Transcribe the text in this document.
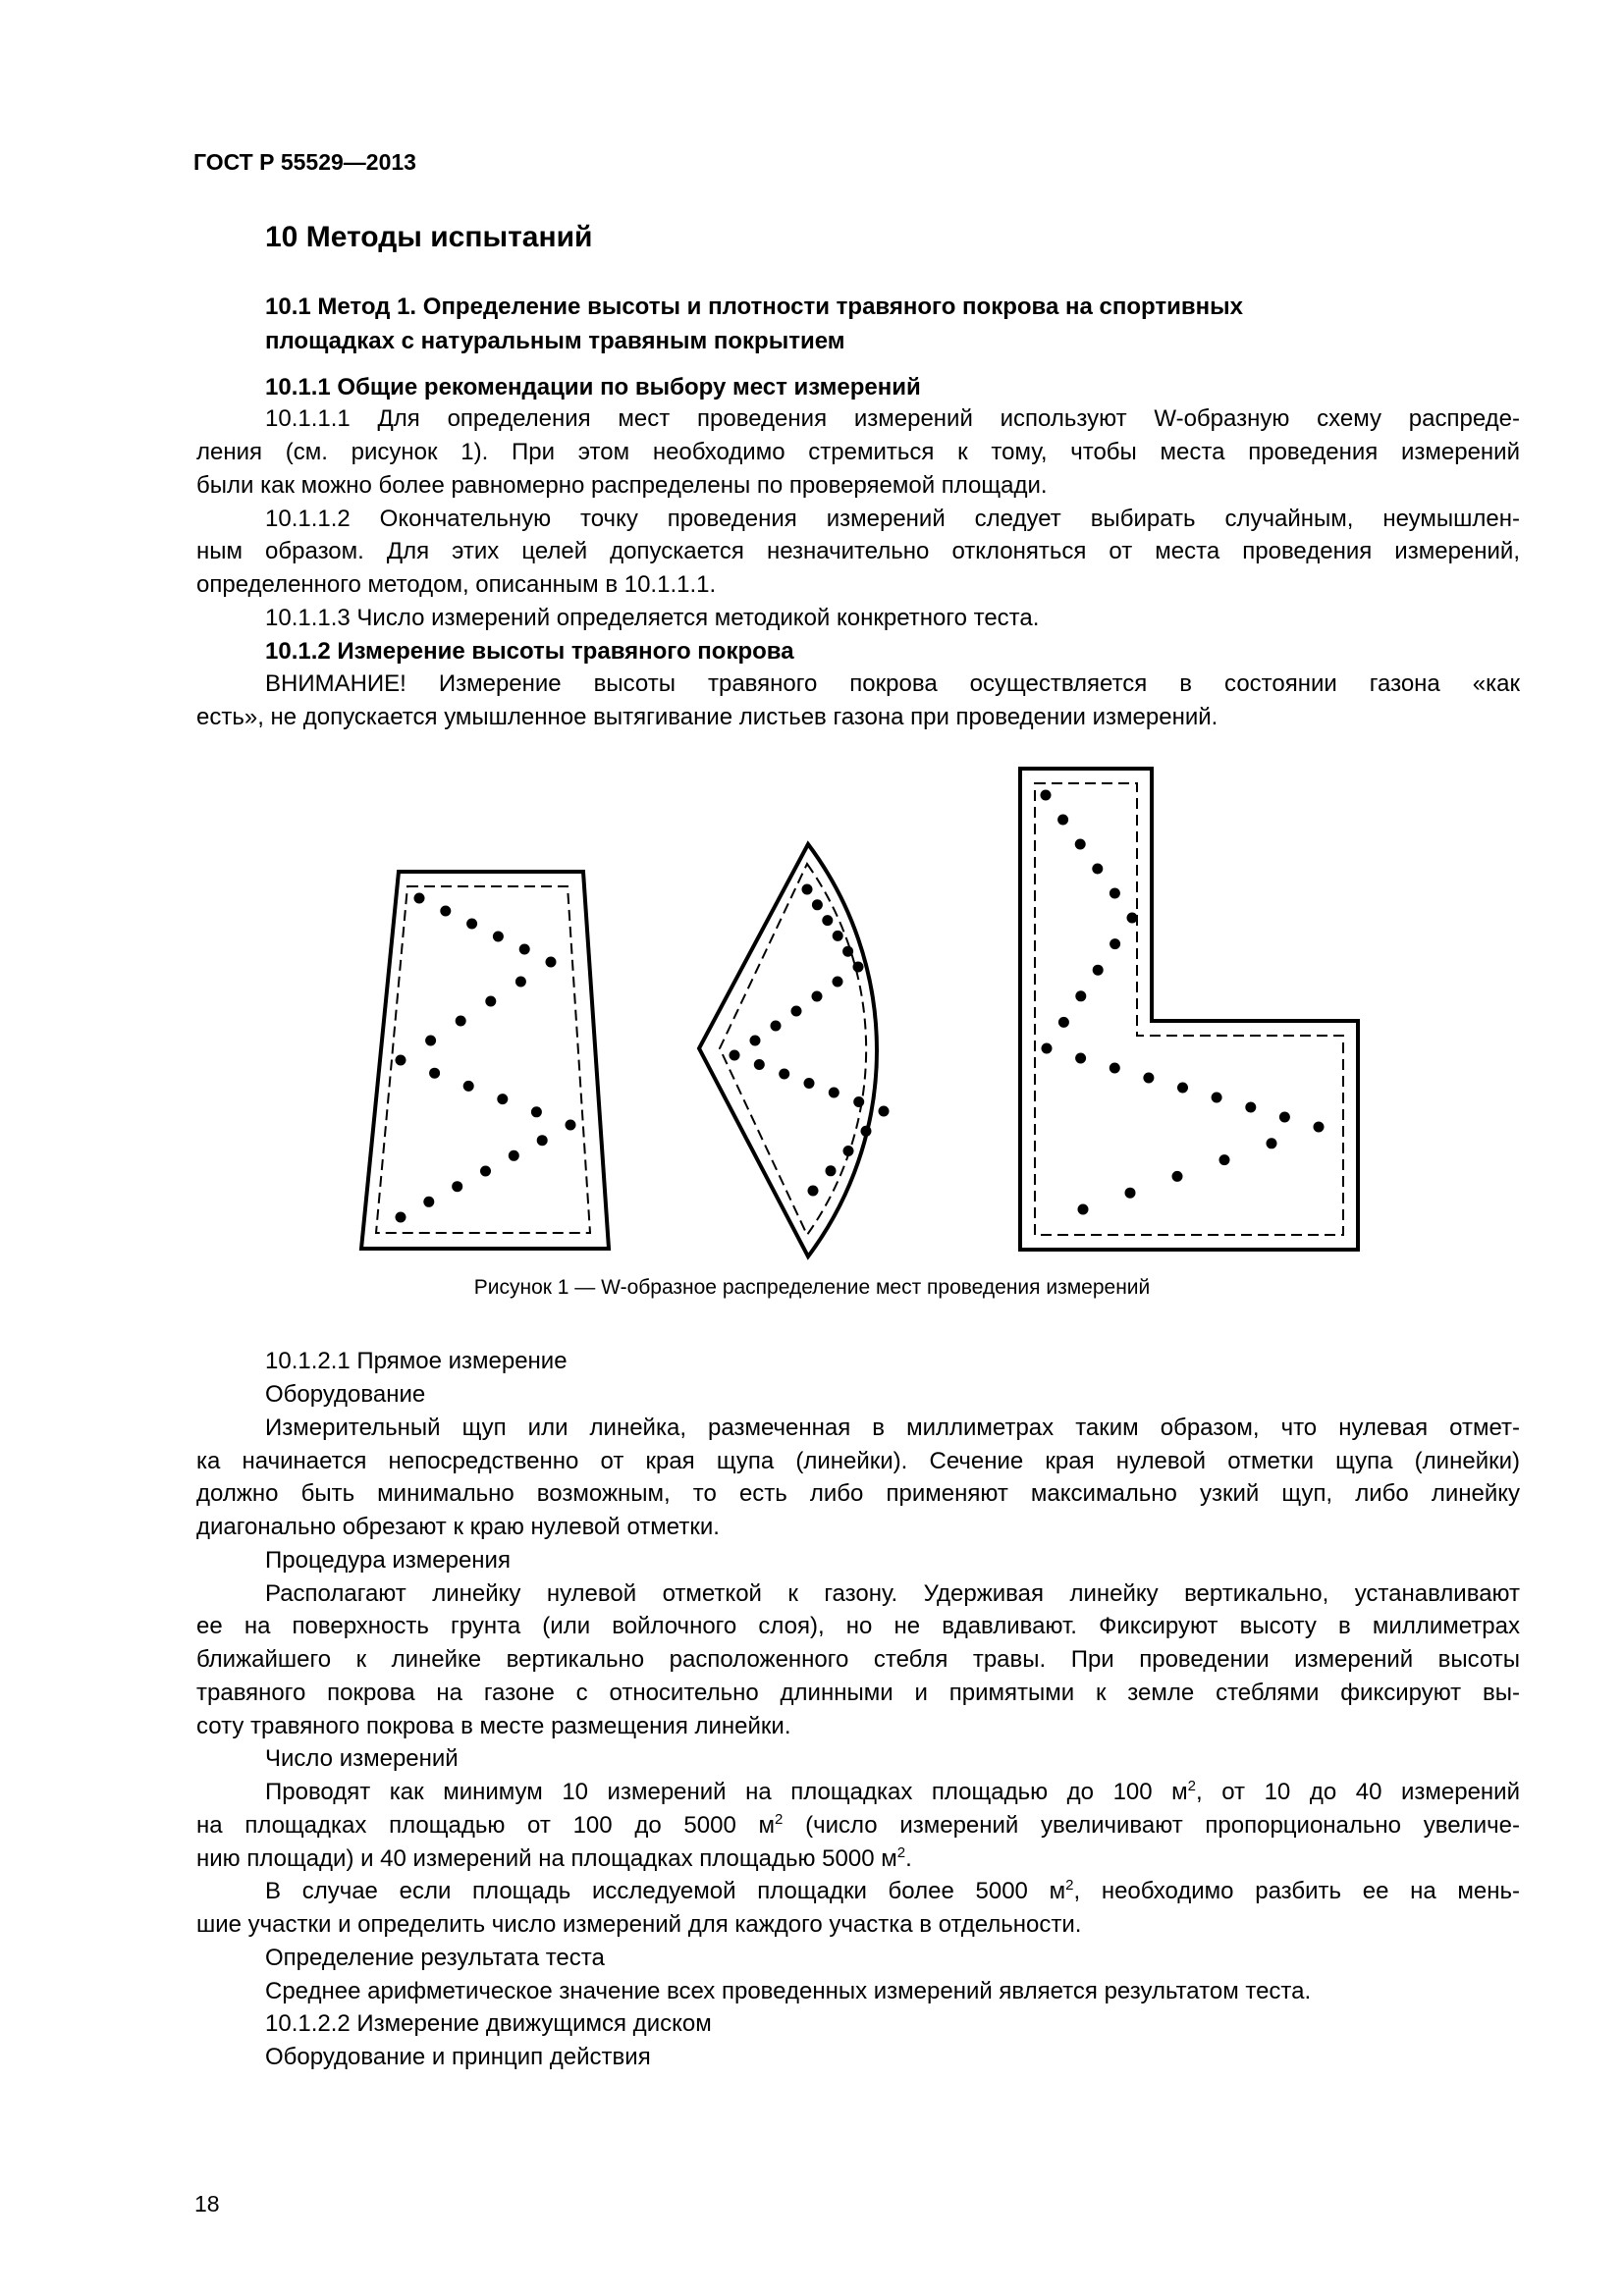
ГОСТ Р 55529—2013
10 Методы испытаний
10.1 Метод 1. Определение высоты и плотности травяного покрова на спортивных
площадках с натуральным травяным покрытием
10.1.1 Общие рекомендации по выбору мест измерений
10.1.1.1 Для определения мест проведения измерений используют W-образную схему распреде-
ления (см. рисунок 1). При этом необходимо стремиться к тому, чтобы места проведения измерений
были как можно более равномерно распределены по проверяемой площади.
10.1.1.2 Окончательную точку проведения измерений следует выбирать случайным, неумышлен-
ным образом. Для этих целей допускается незначительно отклоняться от места проведения измерений,
определенного методом, описанным в 10.1.1.1.
10.1.1.3 Число измерений определяется методикой конкретного теста.
10.1.2 Измерение высоты травяного покрова
ВНИМАНИЕ! Измерение высоты травяного покрова осуществляется в состоянии газона «как
есть», не допускается умышленное вытягивание листьев газона при проведении измерений.
Рисунок 1 — W-образное распределение мест проведения измерений
10.1.2.1 Прямое измерение
Оборудование
Измерительный щуп или линейка, размеченная в миллиметрах таким образом, что нулевая отмет-
ка начинается непосредственно от края щупа (линейки). Сечение края нулевой отметки щупа (линейки)
должно быть минимально возможным, то есть либо применяют максимально узкий щуп, либо линейку
диагонально обрезают к краю нулевой отметки.
Процедура измерения
Располагают линейку нулевой отметкой к газону. Удерживая линейку вертикально, устанавливают
ее на поверхность грунта (или войлочного слоя), но не вдавливают. Фиксируют высоту в миллиметрах
ближайшего к линейке вертикально расположенного стебля травы. При проведении измерений высоты
травяного покрова на газоне с относительно длинными и примятыми к земле стеблями фиксируют вы-
соту травяного покрова в месте размещения линейки.
Число измерений
Проводят как минимум 10 измерений на площадках площадью до 100 $м^2$, от 10 до 40 измерений
на площадках площадью от 100 до 5000 $м^2$ (число измерений увеличивают пропорционально увеличе-
нию площади) и 40 измерений на площадках площадью 5000 $м^2$.
В случае если площадь исследуемой площадки более 5000 $м^2$, необходимо разбить ее на мень-
шие участки и определить число измерений для каждого участка в отдельности.
Определение результата теста
Среднее арифметическое значение всех проведенных измерений является результатом теста.
10.1.2.2 Измерение движущимся диском
Оборудование и принцип действия
18
